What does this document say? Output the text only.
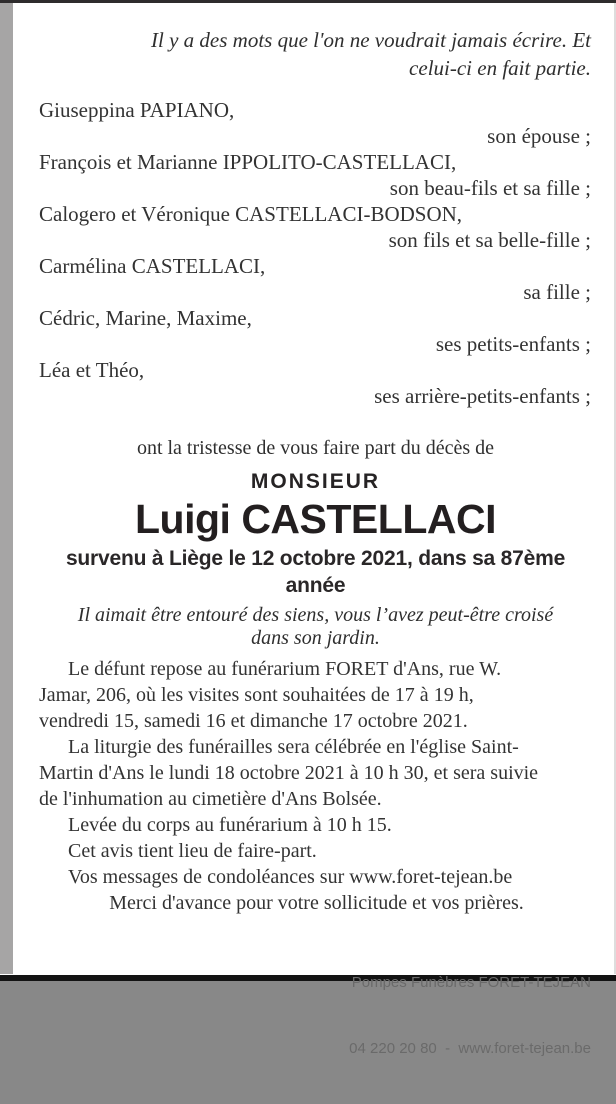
Il y a des mots que l'on ne voudrait jamais écrire. Et
celui-ci en fait partie.
Giuseppina PAPIANO,
son épouse ;
François et Marianne IPPOLITO-CASTELLACI,
son beau-fils et sa fille ;
Calogero et Véronique CASTELLACI-BODSON,
son fils et sa belle-fille ;
Carmélina CASTELLACI,
sa fille ;
Cédric, Marine, Maxime,
ses petits-enfants ;
Léa et Théo,
ses arrière-petits-enfants ;
ont la tristesse de vous faire part du décès de
MONSIEUR
Luigi CASTELLACI
survenu à Liège le 12 octobre 2021, dans sa 87ème
année
Il aimait être entouré des siens, vous l’avez peut-être croisé
dans son jardin.
Le défunt repose au funérarium FORET d'Ans, rue W.
Jamar, 206, où les visites sont souhaitées de 17 à 19 h,
vendredi 15, samedi 16 et dimanche 17 octobre 2021.
La liturgie des funérailles sera célébrée en l'église Saint-
Martin d'Ans le lundi 18 octobre 2021 à 10 h 30, et sera suivie
de l'inhumation au cimetière d'Ans Bolsée.
Levée du corps au funérarium à 10 h 15.
Cet avis tient lieu de faire-part.
Vos messages de condoléances sur www.foret-tejean.be
Merci d'avance pour votre sollicitude et vos prières.

Pompes Funèbres FORET-TEJEAN

04 220 20 80  -  www.foret-tejean.be
